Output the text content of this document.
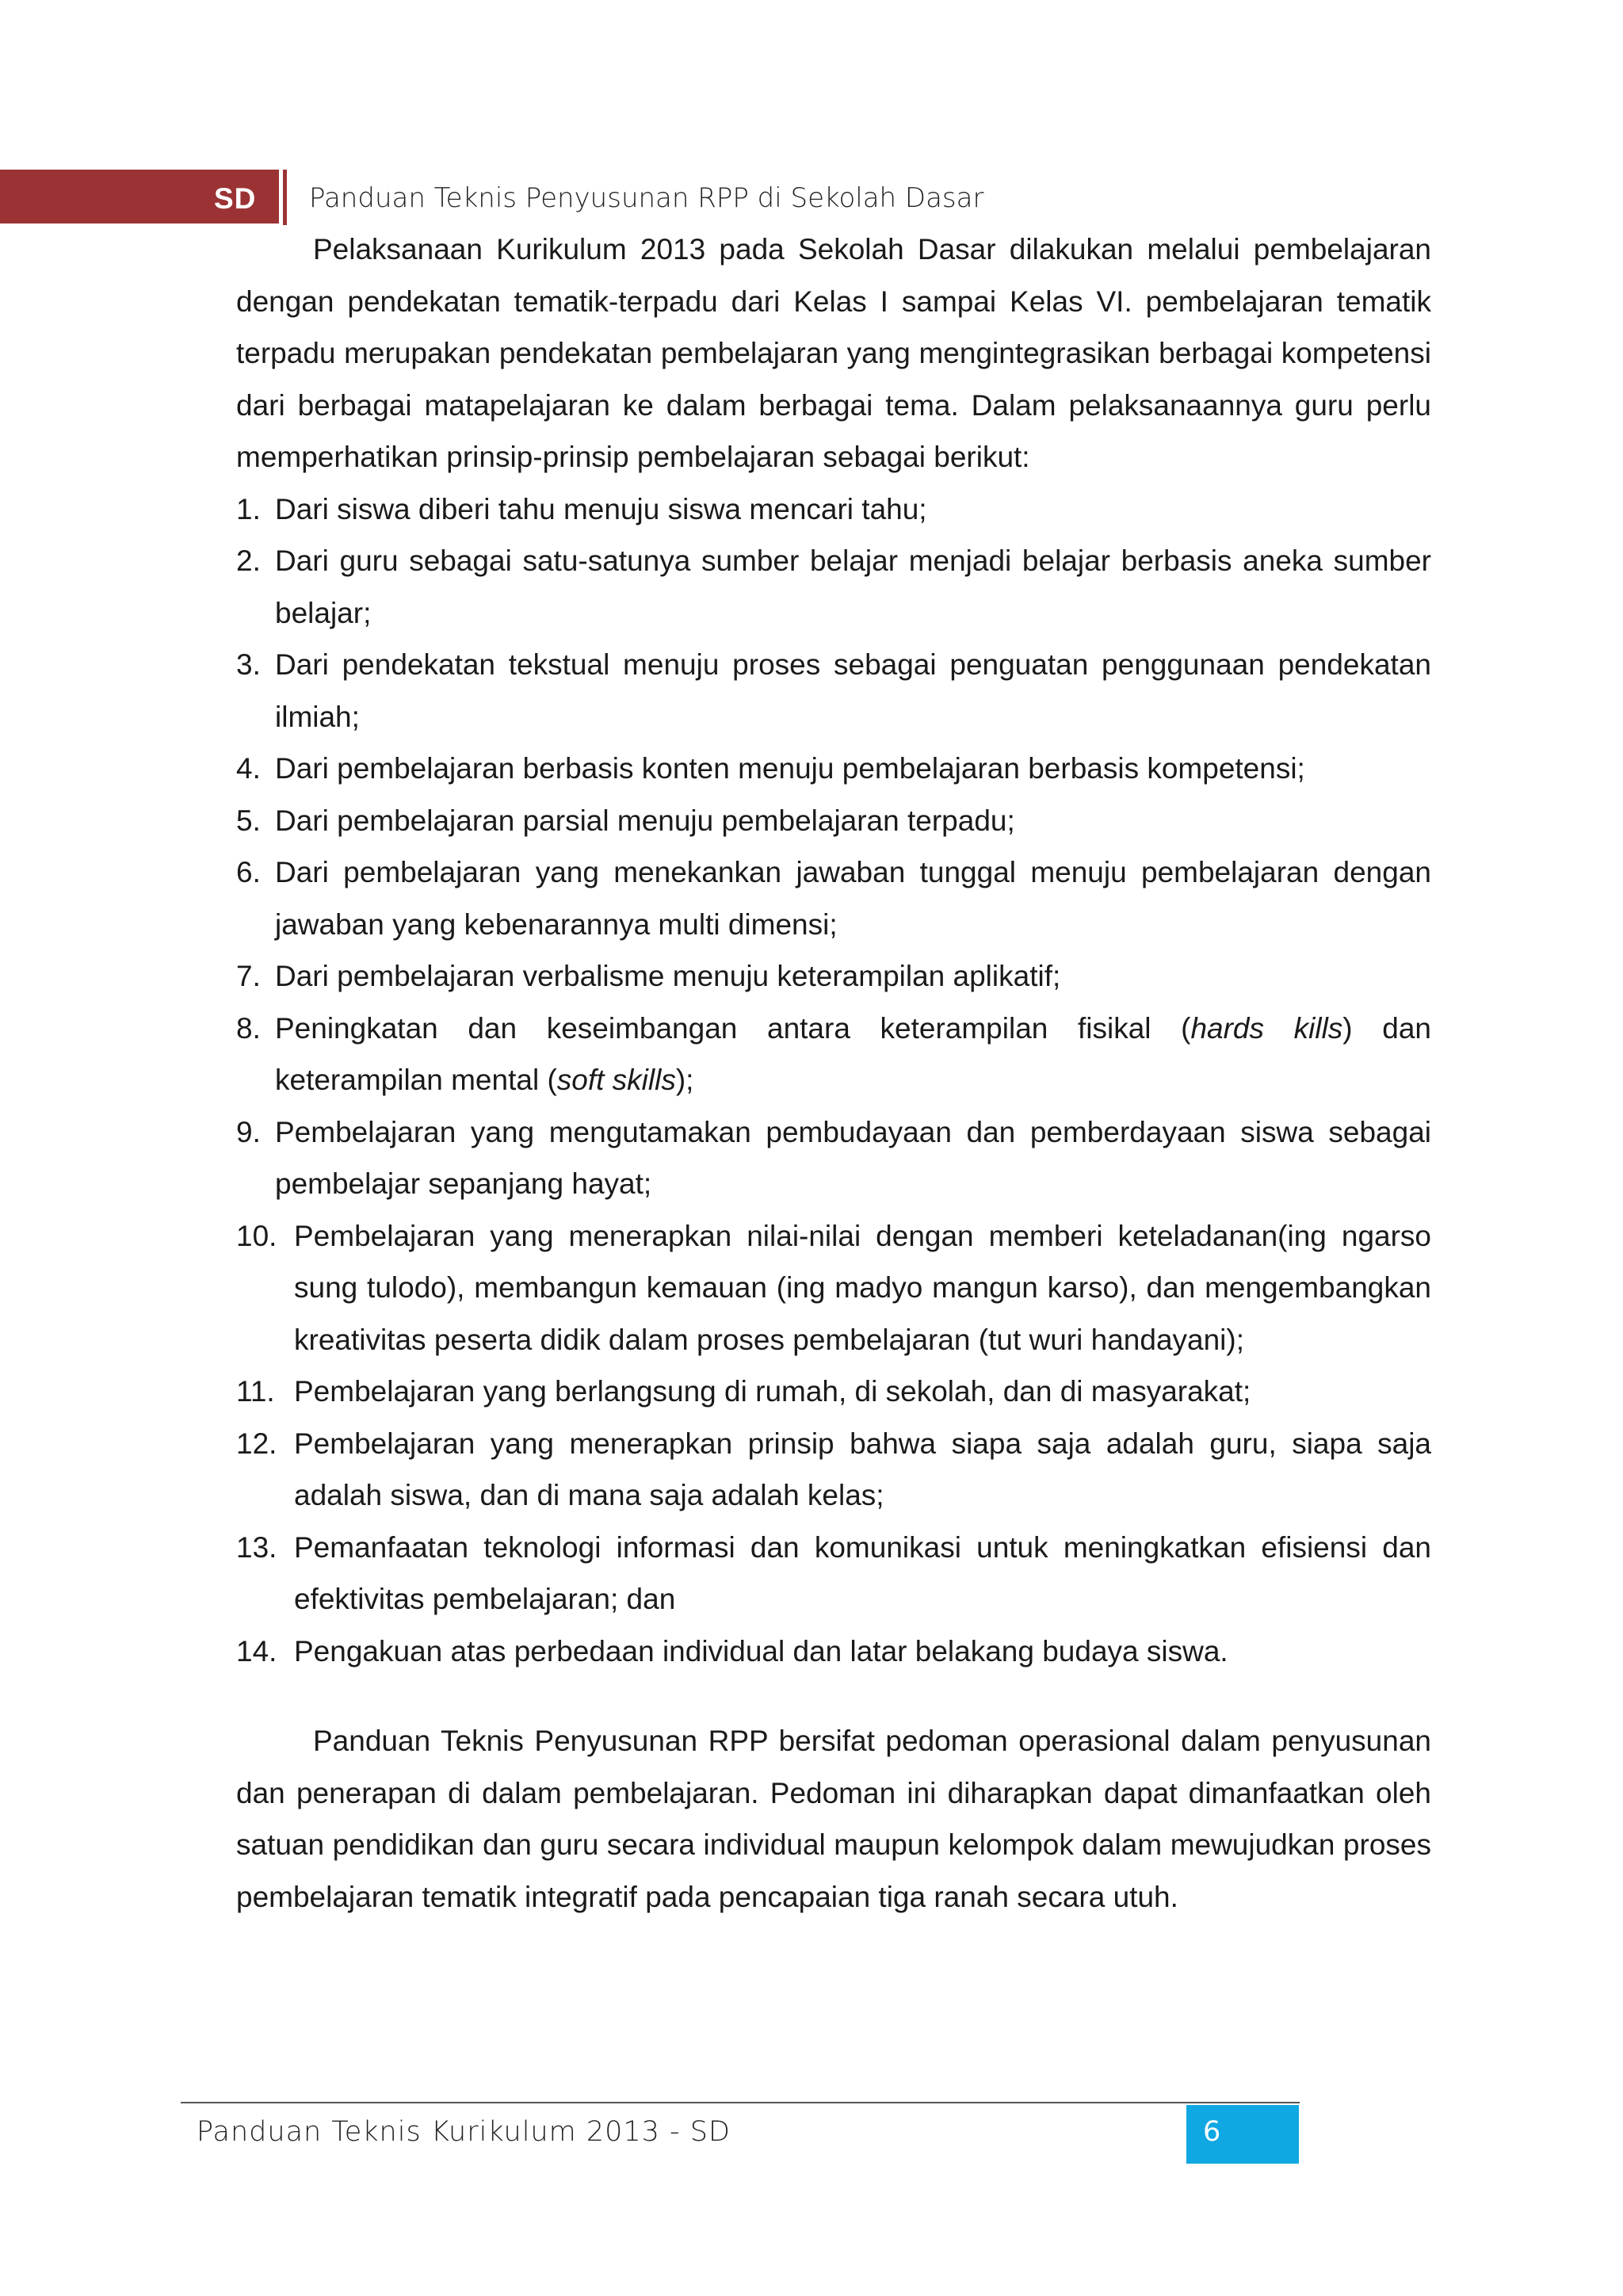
SD Panduan Teknis Penyusunan RPP di Sekolah Dasar

Pelaksanaan Kurikulum 2013 pada Sekolah Dasar dilakukan melalui pembelajaran dengan pendekatan tematik-terpadu dari Kelas I sampai Kelas VI. pembelajaran tematik terpadu merupakan pendekatan pembelajaran yang mengintegrasikan berbagai kompetensi dari berbagai matapelajaran ke dalam berbagai tema. Dalam pelaksanaannya guru perlu memperhatikan prinsip-prinsip pembelajaran sebagai berikut:

1. Dari siswa diberi tahu menuju siswa mencari tahu;
2. Dari guru sebagai satu-satunya sumber belajar menjadi belajar berbasis aneka sumber belajar;
3. Dari pendekatan tekstual menuju proses sebagai penguatan penggunaan pendekatan ilmiah;
4. Dari pembelajaran berbasis konten menuju pembelajaran berbasis kompetensi;
5. Dari pembelajaran parsial menuju pembelajaran terpadu;
6. Dari pembelajaran yang menekankan jawaban tunggal menuju pembelajaran dengan jawaban yang kebenarannya multi dimensi;
7. Dari pembelajaran verbalisme menuju keterampilan aplikatif;
8. Peningkatan dan keseimbangan antara keterampilan fisikal (hards kills) dan keterampilan mental (soft skills);
9. Pembelajaran yang mengutamakan pembudayaan dan pemberdayaan siswa sebagai pembelajar sepanjang hayat;
10. Pembelajaran yang menerapkan nilai-nilai dengan memberi keteladanan(ing ngarso sung tulodo), membangun kemauan (ing madyo mangun karso), dan mengembangkan kreativitas peserta didik dalam proses pembelajaran (tut wuri handayani);
11. Pembelajaran yang berlangsung di rumah, di sekolah, dan di masyarakat;
12. Pembelajaran yang menerapkan prinsip bahwa siapa saja adalah guru, siapa saja adalah siswa, dan di mana saja adalah kelas;
13. Pemanfaatan teknologi informasi dan komunikasi untuk meningkatkan efisiensi dan efektivitas pembelajaran; dan
14. Pengakuan atas perbedaan individual dan latar belakang budaya siswa.

Panduan Teknis Penyusunan RPP bersifat pedoman operasional dalam penyusunan dan penerapan di dalam pembelajaran. Pedoman ini diharapkan dapat dimanfaatkan oleh satuan pendidikan dan guru secara individual maupun kelompok dalam mewujudkan proses pembelajaran tematik integratif pada pencapaian tiga ranah secara utuh.

Panduan Teknis Kurikulum 2013 - SD	6
